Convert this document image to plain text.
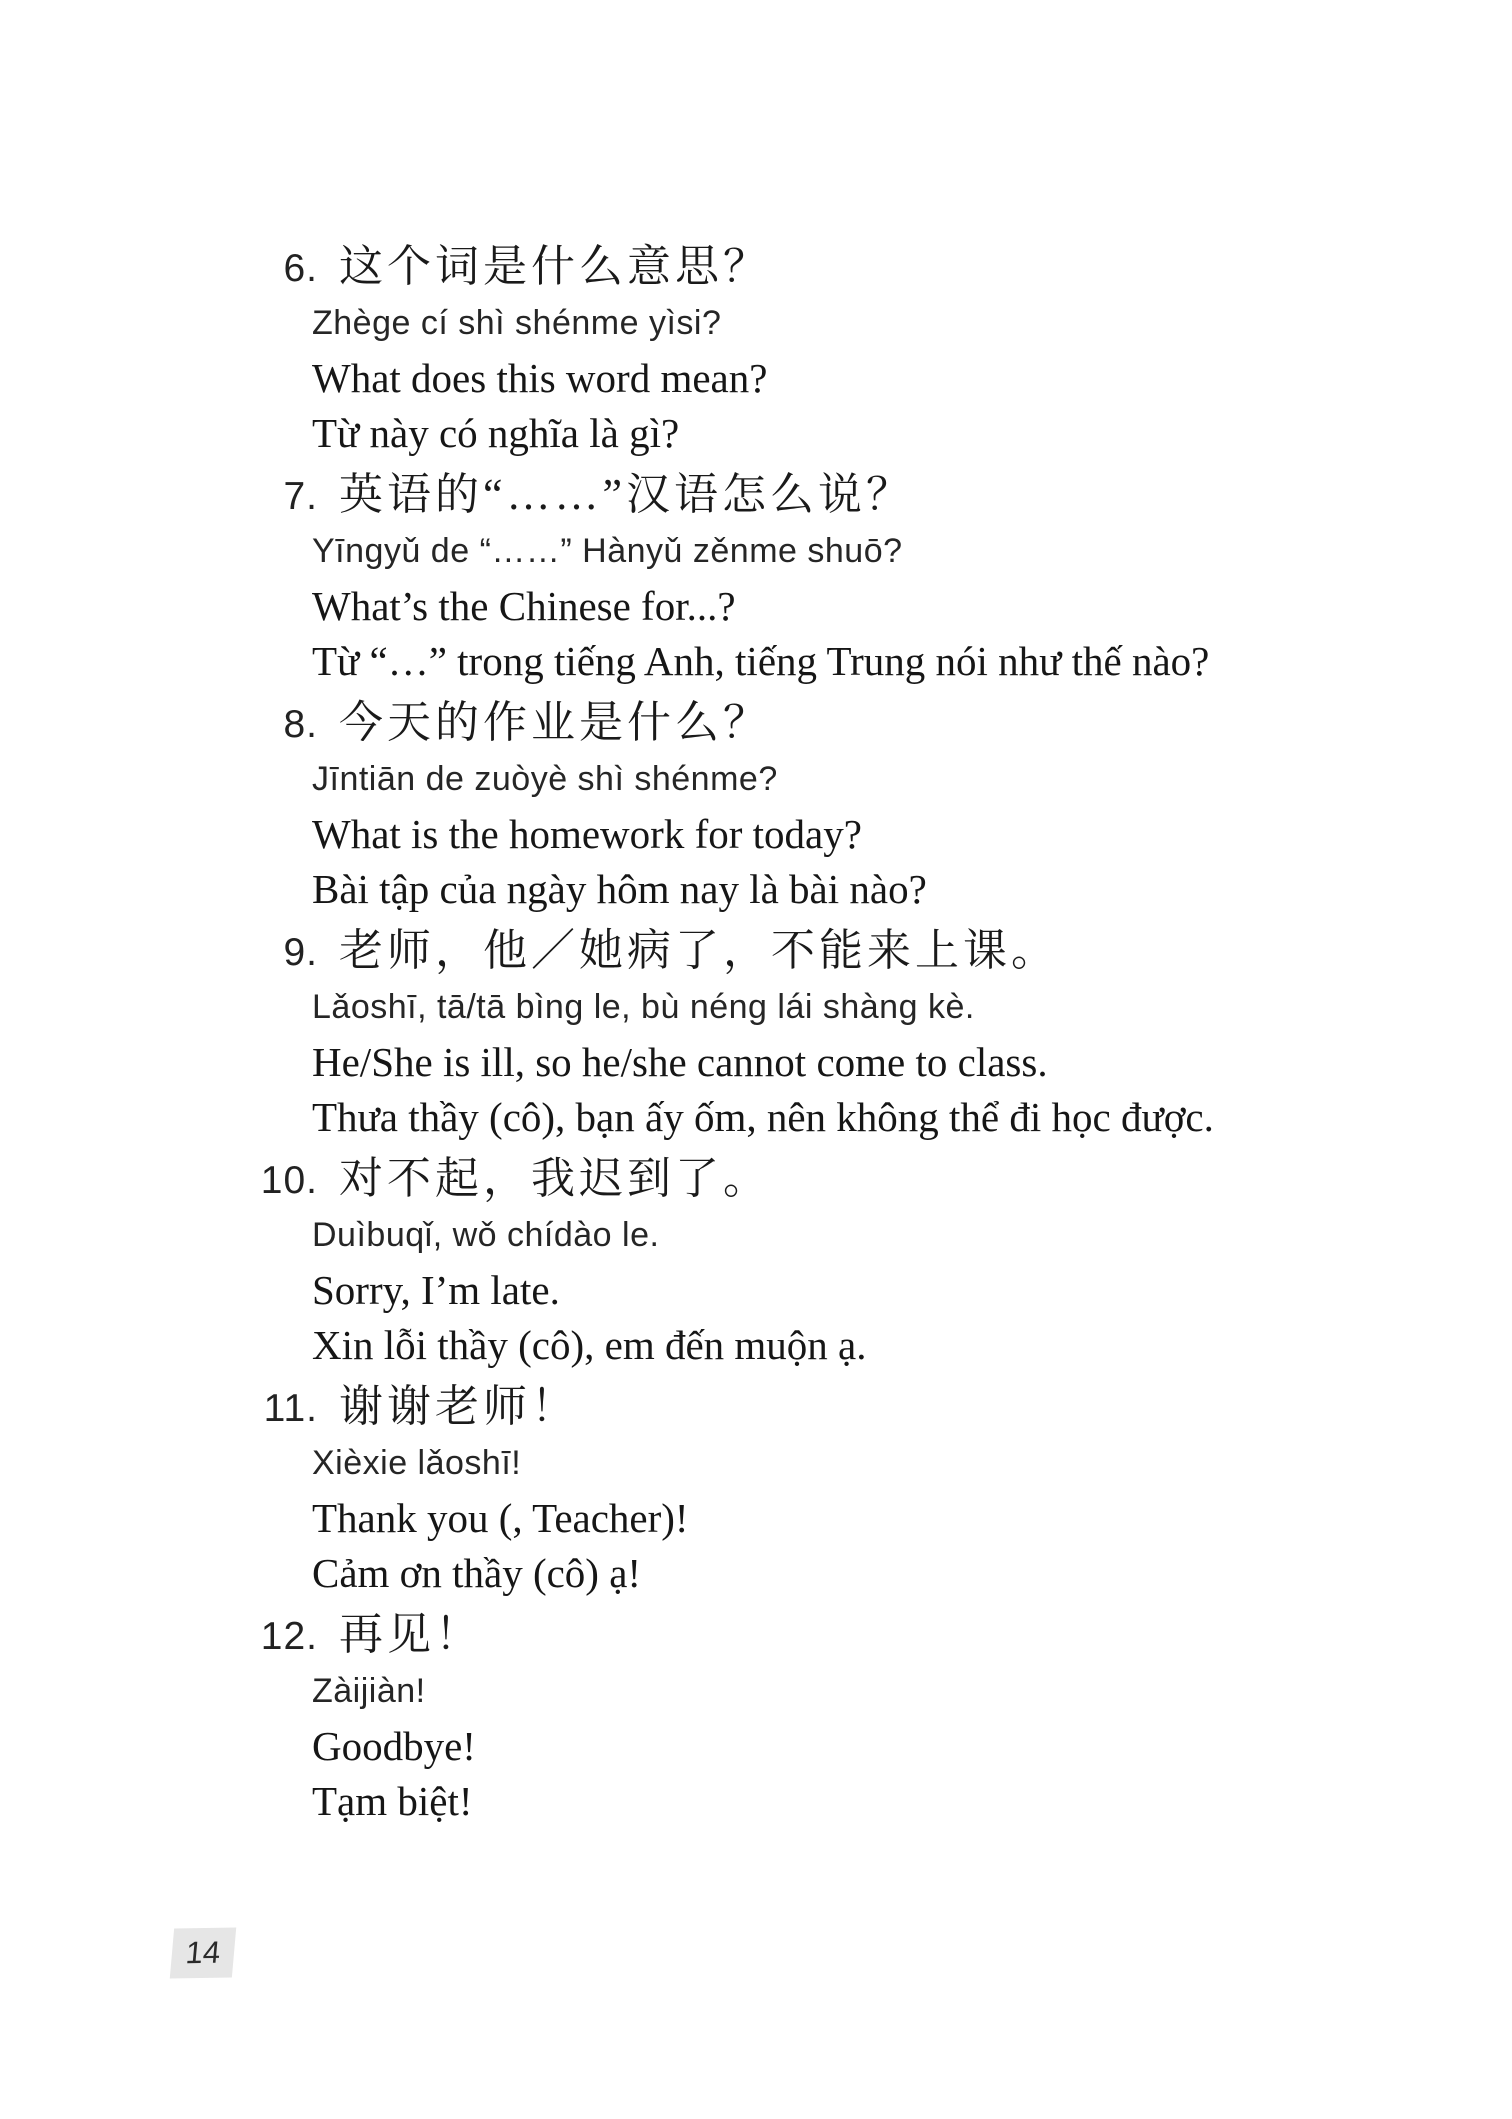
6. 这个词是什么意思？
Zhège cí shì shénme yìsi?
What does this word mean?
Từ này có nghĩa là gì?
7. 英语的“……”汉语怎么说？
Yīngyǔ de “……” Hànyǔ zěnme shuō?
What’s the Chinese for...?
Từ “…” trong tiếng Anh, tiếng Trung nói như thế nào?
8. 今天的作业是什么？
Jīntiān de zuòyè shì shénme?
What is the homework for today?
Bài tập của ngày hôm nay là bài nào?
9. 老师，他／她病了，不能来上课。
Lǎoshī, tā/tā bìng le, bù néng lái shàng kè.
He/She is ill, so he/she cannot come to class.
Thưa thầy (cô), bạn ấy ốm, nên không thể đi học được.
10. 对不起，我迟到了。
Duìbuqǐ, wǒ chídào le.
Sorry, I’m late.
Xin lỗi thầy (cô), em đến muộn ạ.
11. 谢谢老师！
Xièxie lǎoshī!
Thank you (, Teacher)!
Cảm ơn thầy (cô) ạ!
12. 再见！
Zàijiàn!
Goodbye!
Tạm biệt!
14
